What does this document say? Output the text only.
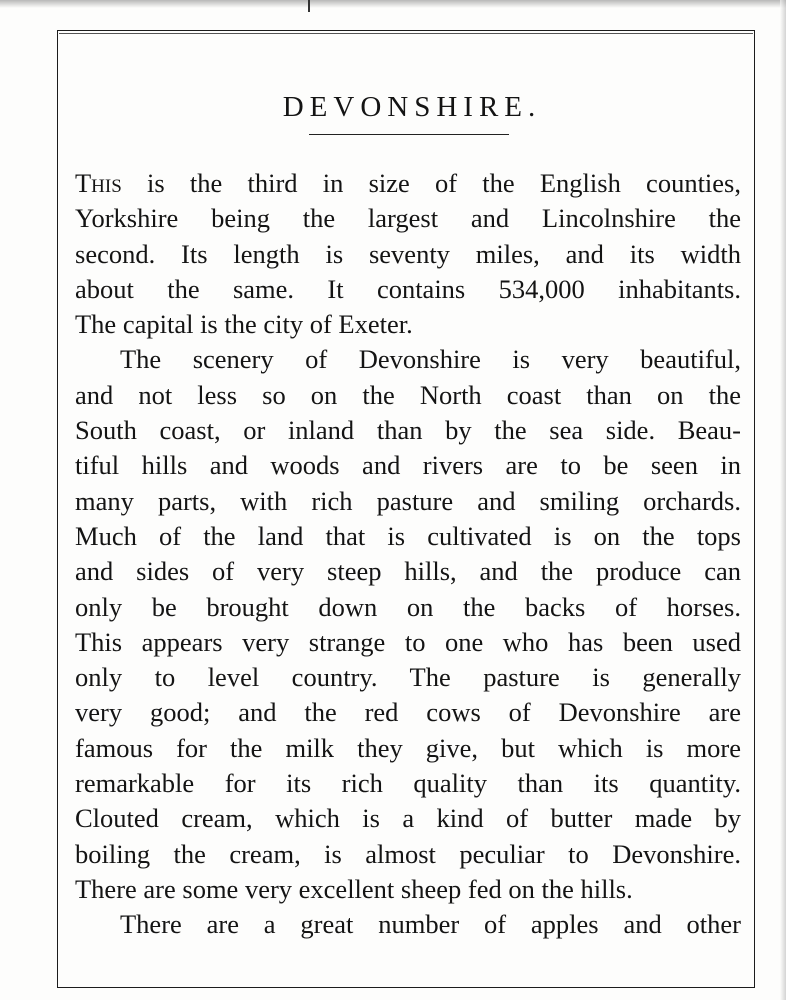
DEVONSHIRE.
This is the third in size of the English counties,
Yorkshire being the largest and Lincolnshire the
second. Its length is seventy miles, and its width
about the same. It contains 534,000 inhabitants.
The capital is the city of Exeter.
The scenery of Devonshire is very beautiful,
and not less so on the North coast than on the
South coast, or inland than by the sea side. Beau-
tiful hills and woods and rivers are to be seen in
many parts, with rich pasture and smiling orchards.
Much of the land that is cultivated is on the tops
and sides of very steep hills, and the produce can
only be brought down on the backs of horses.
This appears very strange to one who has been used
only to level country. The pasture is generally
very good; and the red cows of Devonshire are
famous for the milk they give, but which is more
remarkable for its rich quality than its quantity.
Clouted cream, which is a kind of butter made by
boiling the cream, is almost peculiar to Devonshire.
There are some very excellent sheep fed on the hills.
There are a great number of apples and other
